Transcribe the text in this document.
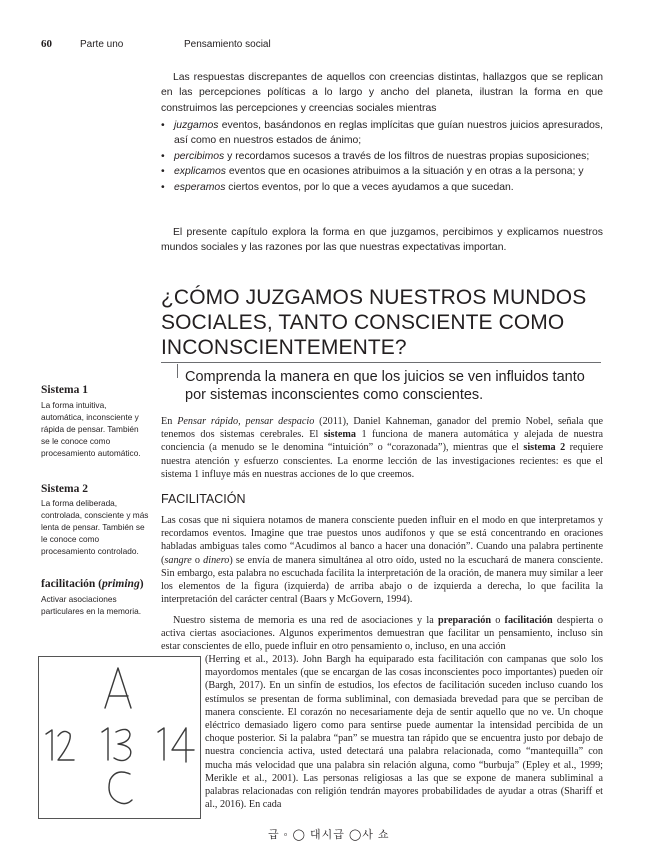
60	Parte uno	Pensamiento social
Las respuestas discrepantes de aquellos con creencias distintas, hallazgos que se replican en las percepciones políticas a lo largo y ancho del planeta, ilustran la forma en que construimos las percepciones y creencias sociales mientras
• juzgamos eventos, basándonos en reglas implícitas que guían nuestros juicios apresurados, así como en nuestros estados de ánimo;
• percibimos y recordamos sucesos a través de los filtros de nuestras propias suposiciones;
• explicamos eventos que en ocasiones atribuimos a la situación y en otras a la persona; y
• esperamos ciertos eventos, por lo que a veces ayudamos a que sucedan.
El presente capítulo explora la forma en que juzgamos, percibimos y explicamos nuestros mundos sociales y las razones por las que nuestras expectativas importan.
¿CÓMO JUZGAMOS NUESTROS MUNDOS SOCIALES, TANTO CONSCIENTE COMO INCONSCIENTEMENTE?
Comprenda la manera en que los juicios se ven influidos tanto por sistemas inconscientes como conscientes.
Sistema 1
La forma intuitiva, automática, inconsciente y rápida de pensar. También se le conoce como procesamiento automático.
Sistema 2
La forma deliberada, controlada, consciente y más lenta de pensar. También se le conoce como procesamiento controlado.
facilitación (priming)
Activar asociaciones particulares en la memoria.
En Pensar rápido, pensar despacio (2011), Daniel Kahneman, ganador del premio Nobel, señala que tenemos dos sistemas cerebrales. El sistema 1 funciona de manera automática y alejada de nuestra conciencia (a menudo se le denomina “intuición” o “corazonada”), mientras que el sistema 2 requiere nuestra atención y esfuerzo conscientes. La enorme lección de las investigaciones recientes: es que el sistema 1 influye más en nuestras acciones de lo que creemos.
FACILITACIÓN
Las cosas que ni siquiera notamos de manera consciente pueden influir en el modo en que interpretamos y recordamos eventos. Imagine que trae puestos unos audífonos y que se está concentrando en oraciones habladas ambiguas tales como “Acudimos al banco a hacer una donación”. Cuando una palabra pertinente (sangre o dinero) se envía de manera simultánea al otro oído, usted no la escuchará de manera consciente. Sin embargo, esta palabra no escuchada facilita la interpretación de la oración, de manera muy similar a leer los elementos de la figura (izquierda) de arriba abajo o de izquierda a derecha, lo que facilita la interpretación del carácter central (Baars y McGovern, 1994).
Nuestro sistema de memoria es una red de asociaciones y la preparación o facilitación despierta o activa ciertas asociaciones. Algunos experimentos demuestran que facilitar un pensamiento, incluso sin estar conscientes de ello, puede influir en otro pensamiento o, incluso, en una acción
(Herring et al., 2013). John Bargh ha equiparado esta facilitación con campanas que solo los mayordomos mentales (que se encargan de las cosas inconscientes poco importantes) pueden oír (Bargh, 2017). En un sinfín de estudios, los efectos de facilitación suceden incluso cuando los estímulos se presentan de forma subliminal, con demasiada brevedad para que se perciban de manera consciente. El corazón no necesariamente deja de sentir aquello que no ve. Un choque eléctrico demasiado ligero como para sentirse puede aumentar la intensidad percibida de un choque posterior. Si la palabra “pan” se muestra tan rápido que se encuentra justo por debajo de nuestra conciencia activa, usted detectará una palabra relacionada, como “mantequilla” con mucha más velocidad que una palabra sin relación alguna, como “burbuja” (Epley et al., 1999; Merikle et al., 2001). Las personas religiosas a las que se expone de manera subliminal a palabras relacionadas con religión tendrán mayores probabilidades de ayudar a otras (Shariff et al., 2016). En cada
급 ◦ ◯ 대시급 ◯사 쇼
